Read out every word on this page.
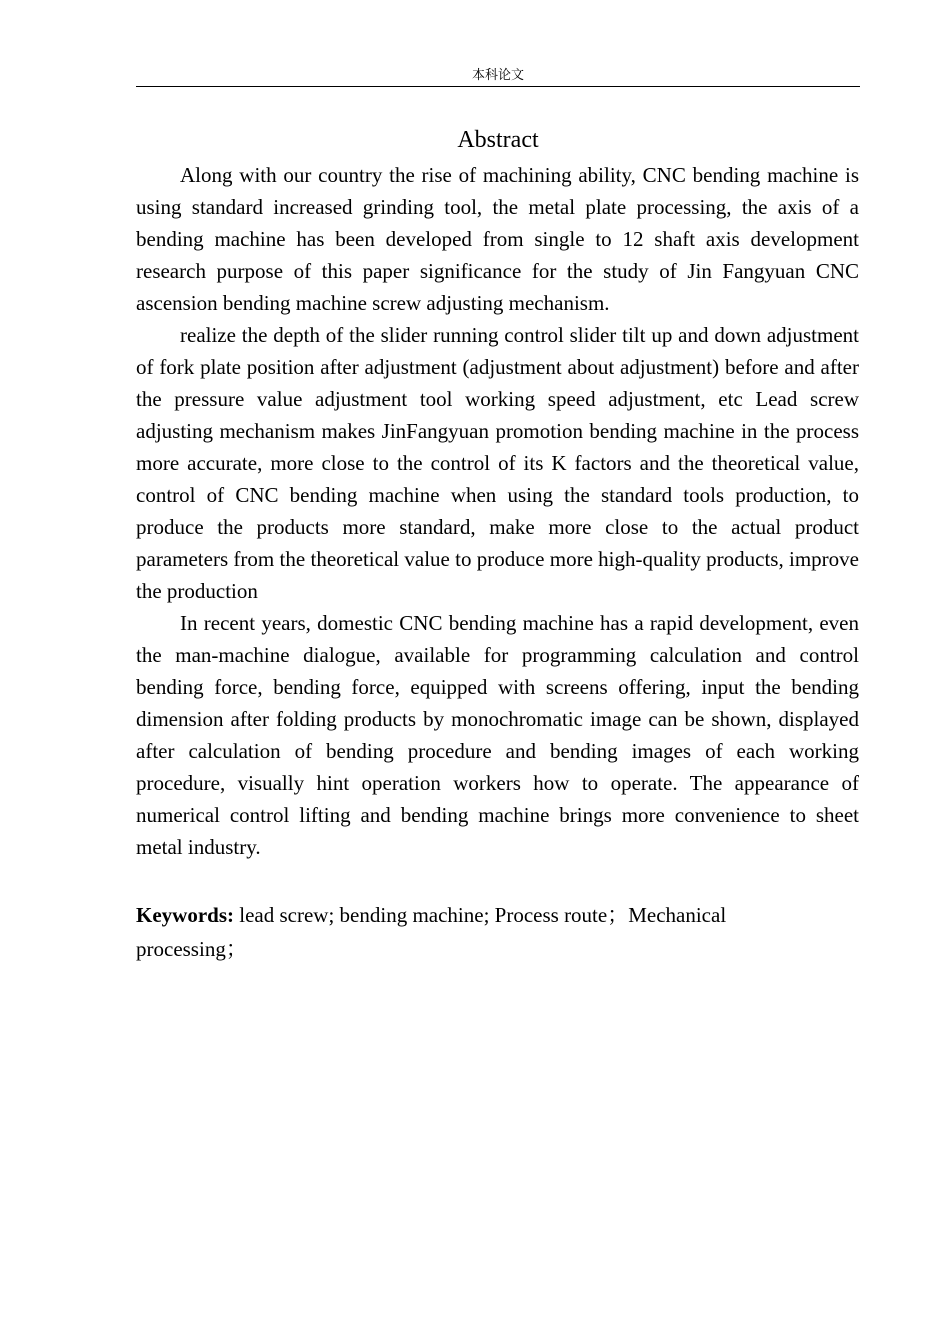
本科论文
Abstract

Along with our country the rise of machining ability, CNC bending machine is using standard increased grinding tool, the metal plate processing, the axis of a bending machine has been developed from single to 12 shaft axis development research purpose of this paper significance for the study of Jin Fangyuan CNC ascension bending machine screw adjusting mechanism.

realize the depth of the slider running control slider tilt up and down adjustment of fork plate position after adjustment (adjustment about adjustment) before and after the pressure value adjustment tool working speed adjustment, etc Lead screw adjusting mechanism makes JinFangyuan promotion bending machine in the process more accurate, more close to the control of its K factors and the theoretical value, control of CNC bending machine when using the standard tools production, to produce the products more standard, make more close to the actual product parameters from the theoretical value to produce more high-quality products, improve the production

In recent years, domestic CNC bending machine has a rapid development, even the man-machine dialogue, available for programming calculation and control bending force, bending force, equipped with screens offering, input the bending dimension after folding products by monochromatic image can be shown, displayed after calculation of bending procedure and bending images of each working procedure, visually hint operation workers how to operate. The appearance of numerical control lifting and bending machine brings more convenience to sheet metal industry.

Keywords: lead screw; bending machine; Process route；Mechanical processing；
